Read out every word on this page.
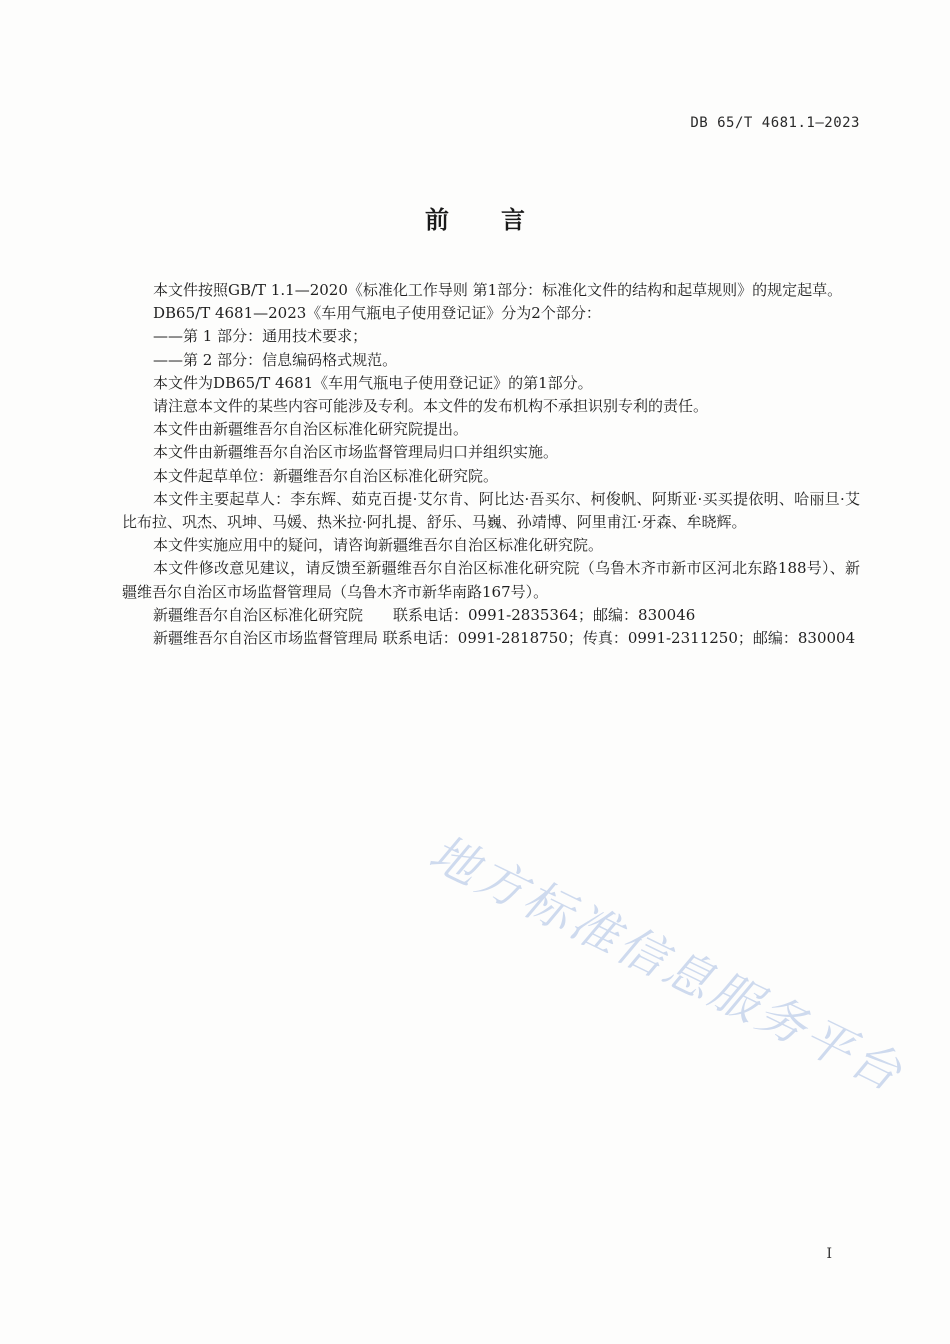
DB 65/T 4681.1—2023
前言

本文件按照GB/T 1.1—2020《标准化工作导则 第1部分：标准化文件的结构和起草规则》的规定起草。

DB65/T 4681—2023《车用气瓶电子使用登记证》分为2个部分：

——第 1 部分：通用技术要求；

——第 2 部分：信息编码格式规范。

本文件为DB65/T 4681《车用气瓶电子使用登记证》的第1部分。

请注意本文件的某些内容可能涉及专利。本文件的发布机构不承担识别专利的责任。

本文件由新疆维吾尔自治区标准化研究院提出。

本文件由新疆维吾尔自治区市场监督管理局归口并组织实施。

本文件起草单位：新疆维吾尔自治区标准化研究院。

本文件主要起草人：李东辉、茹克百提·艾尔肯、阿比达·吾买尔、柯俊帆、阿斯亚·买买提依明、哈丽旦·艾比布拉、巩杰、巩坤、马媛、热米拉·阿扎提、舒乐、马巍、孙靖博、阿里甫江·牙森、牟晓辉。

本文件实施应用中的疑问，请咨询新疆维吾尔自治区标准化研究院。

本文件修改意见建议，请反馈至新疆维吾尔自治区标准化研究院（乌鲁木齐市新市区河北东路188号）、新疆维吾尔自治区市场监督管理局（乌鲁木齐市新华南路167号）。

新疆维吾尔自治区标准化研究院　　联系电话：0991-2835364；邮编：830046

新疆维吾尔自治区市场监督管理局 联系电话：0991-2818750；传真：0991-2311250；邮编：830004

地方标准信息服务平台
I
